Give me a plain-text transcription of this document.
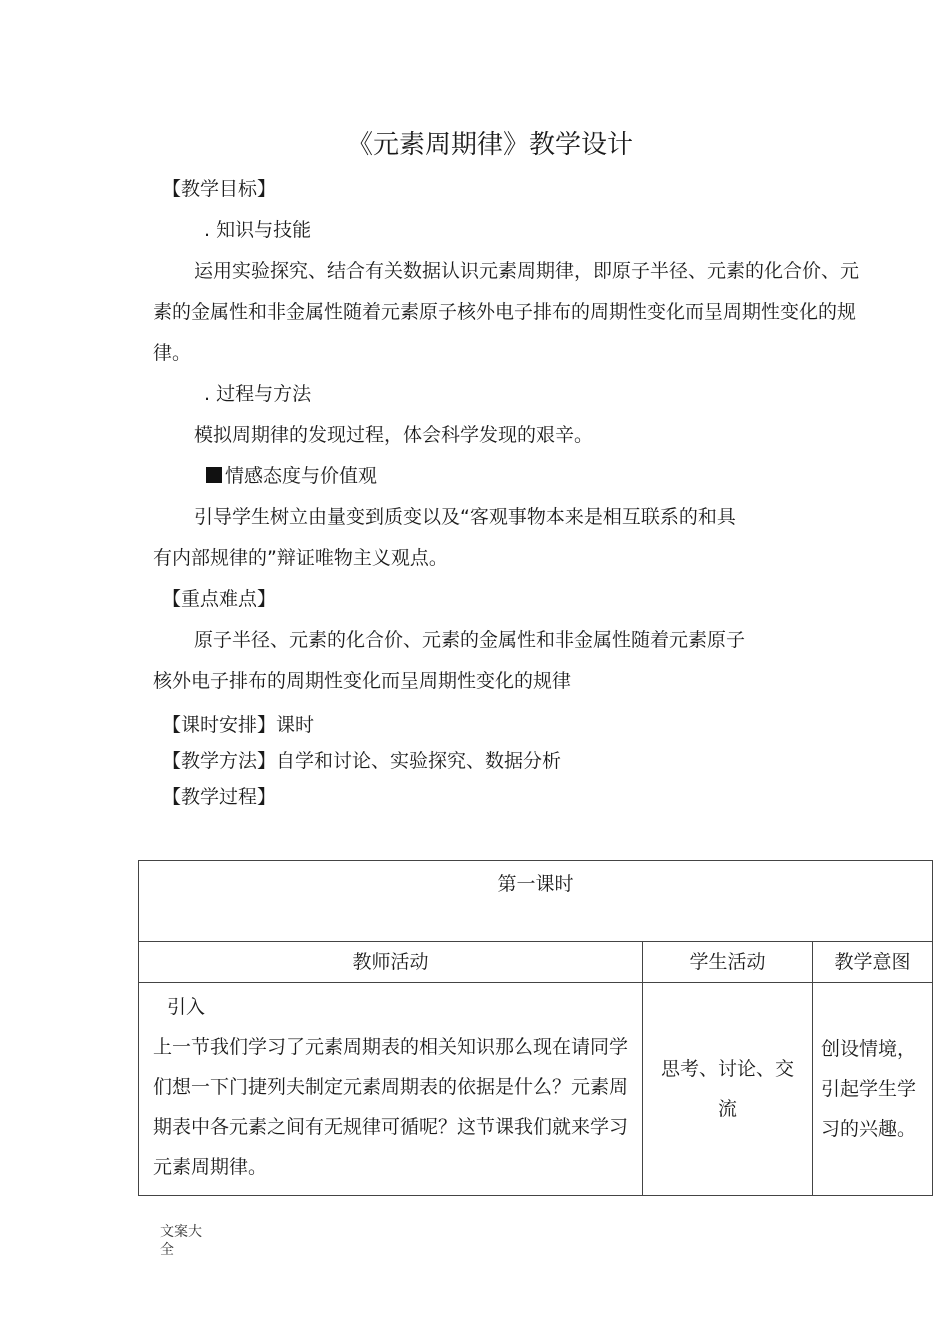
《元素周期律》教学设计
【教学目标】
. 知识与技能
运用实验探究、结合有关数据认识元素周期律，即原子半径、元素的化合价、元
素的金属性和非金属性随着元素原子核外电子排布的周期性变化而呈周期性变化的规
律。
. 过程与方法
模拟周期律的发现过程，体会科学发现的艰辛。
情感态度与价值观
引导学生树立由量变到质变以及“客观事物本来是相互联系的和具
有内部规律的”辩证唯物主义观点。
【重点难点】
原子半径、元素的化合价、元素的金属性和非金属性随着元素原子
核外电子排布的周期性变化而呈周期性变化的规律
【课时安排】课时
【教学方法】自学和讨论、实验探究、数据分析
【教学过程】
第一课时		

教师活动	学生活动	教学意图

引入
上一节我们学习了元素周期表的相关知识那么现在请同学们想一下门捷列夫制定元素周期表的依据是什么？元素周期表中各元素之间有无规律可循呢？这节课我们就来学习元素周期律。	思考、讨论、交流	创设情境，引起学生学习的兴趣。
文案大全
